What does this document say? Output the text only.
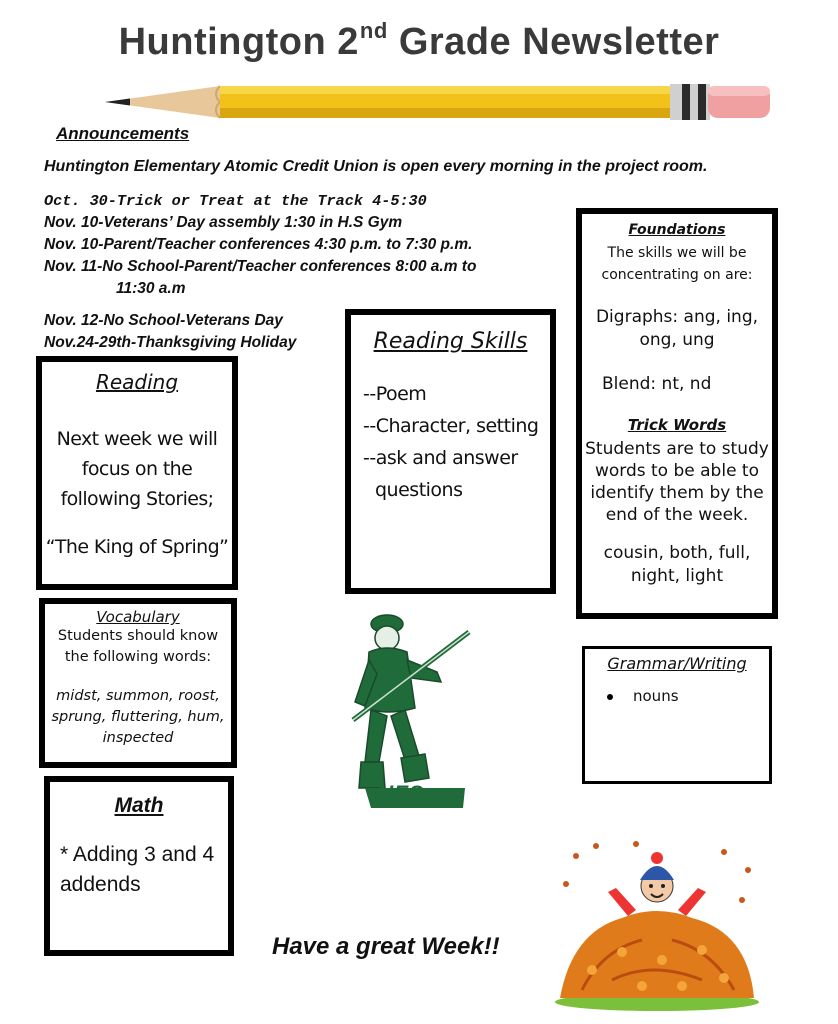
Huntington 2nd Grade Newsletter
Announcements
Huntington Elementary Atomic Credit Union is open every morning in the project room.
Oct. 30-Trick or Treat at the Track 4-5:30
Nov. 10-Veterans’ Day assembly 1:30 in H.S Gym
Nov. 10-Parent/Teacher conferences 4:30 p.m. to 7:30 p.m.
Nov. 11-No School-Parent/Teacher conferences 8:00 a.m to
11:30 a.m
Nov. 12-No School-Veterans Day
Nov.24-29th-Thanksgiving Holiday
Reading
Next week we will focus on the following Stories;
“The King of Spring”
Reading Skills
--Poem
--Character, setting
--ask and answer
questions
Foundations
The skills we will be concentrating on are:
Digraphs: ang, ing, ong, ung
Blend: nt, nd
Trick Words
Students are to study words to be able to identify them by the end of the week.
cousin, both, full, night, light
Vocabulary
Students should know the following words:
midst, summon, roost, sprung, fluttering, hum, inspected
Math
* Adding 3 and 4 addends
Grammar/Writing
nouns
HES
Have a great Week!!
